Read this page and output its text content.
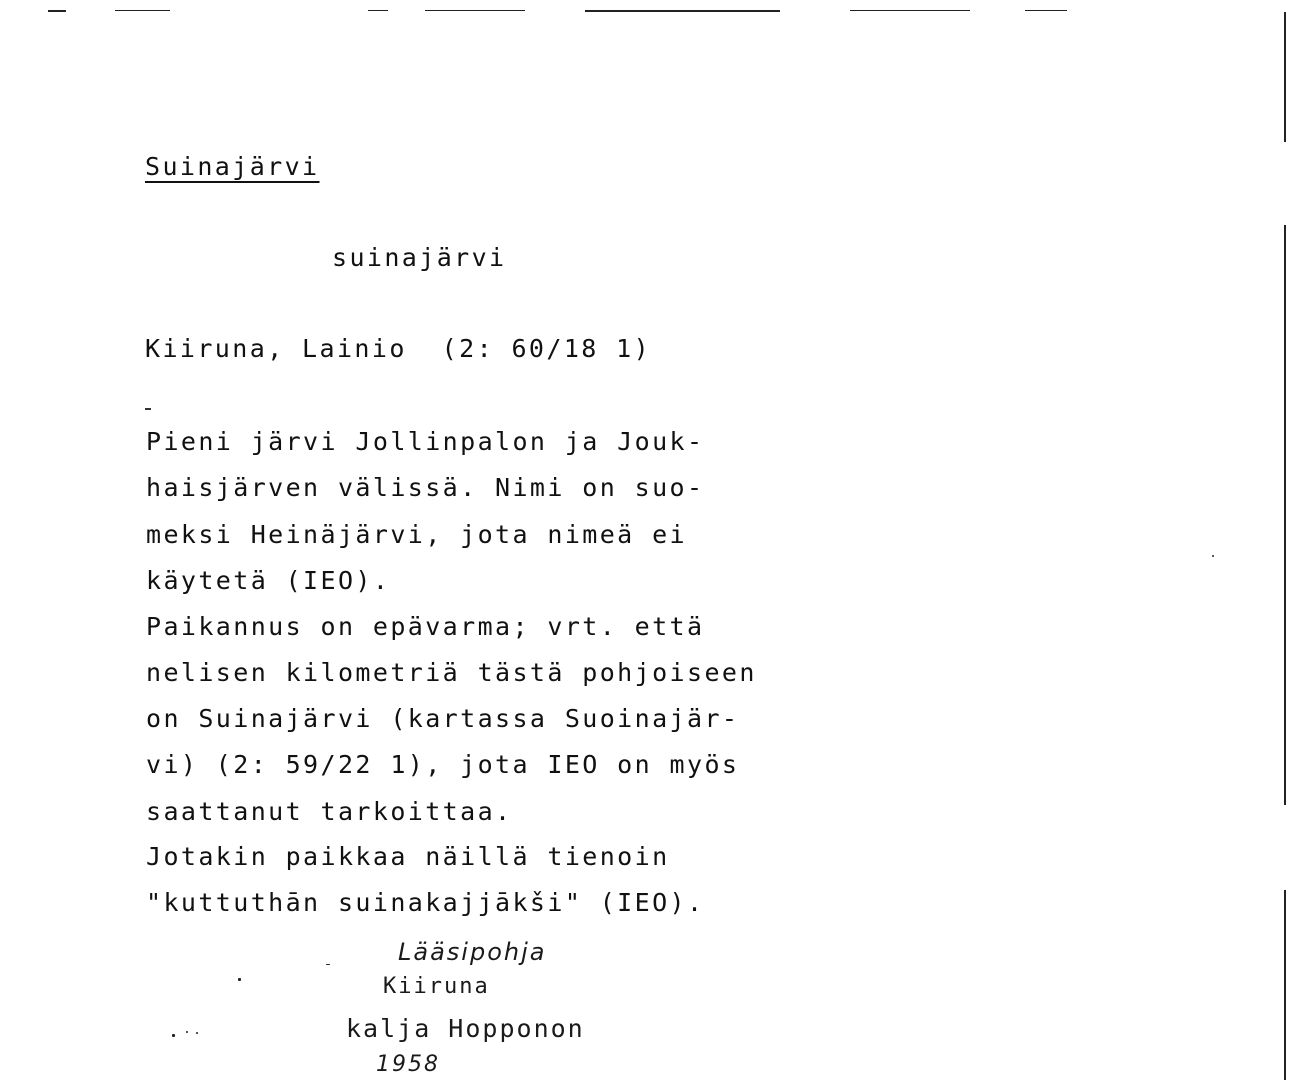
Suinajärvi
suinajärvi
Kiiruna, Lainio  (2: 60/18 1)
Pieni järvi Jollinpalon ja Jouk-
haisjärven välissä. Nimi on suo-
meksi Heinäjärvi, jota nimeä ei
käytetä (IEO).
Paikannus on epävarma; vrt. että
nelisen kilometriä tästä pohjoiseen
on Suinajärvi (kartassa Suoinajär-
vi) (2: 59/22 1), jota IEO on myös
saattanut tarkoittaa.
Jotakin paikkaa näillä tienoin
"kuttuthān suinakajjākši" (IEO).
Lääsipohja
Kiiruna
kalja Hopponon
1958
